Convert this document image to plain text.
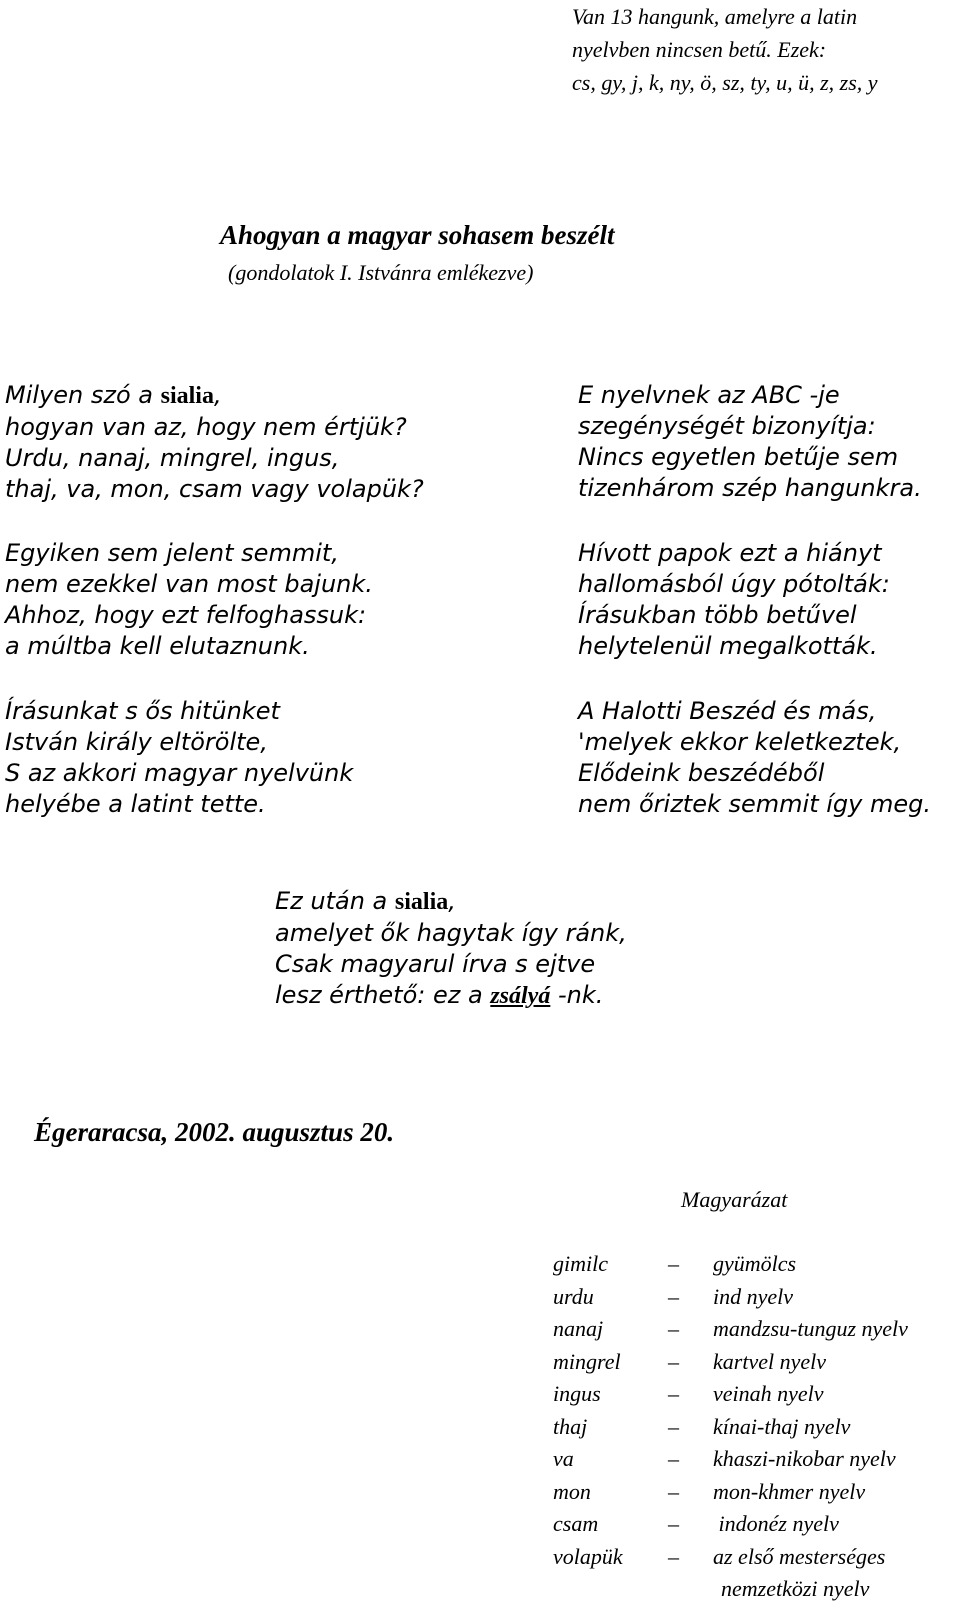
Van 13 hangunk, amelyre a latin
nyelvben nincsen betű. Ezek:
cs, gy, j, k, ny, ö, sz, ty, u, ü, z, zs, y
Ahogyan a magyar sohasem beszélt
(gondolatok I. Istvánra emlékezve)
Milyen szó a sialia,
hogyan van az, hogy nem értjük?
Urdu, nanaj, mingrel, ingus,
thaj, va, mon, csam vagy volapük?
Egyiken sem jelent semmit,
nem ezekkel van most bajunk.
Ahhoz, hogy ezt felfoghassuk:
a múltba kell elutaznunk.
Írásunkat s ős hitünket
István király eltörölte,
S az akkori magyar nyelvünk
helyébe a latint tette.
E nyelvnek az ABC -je
szegénységét bizonyítja:
Nincs egyetlen betűje sem
tizenhárom szép hangunkra.
Hívott papok ezt a hiányt
hallomásból úgy pótolták:
Írásukban több betűvel
helytelenül megalkották.
A Halotti Beszéd és más,
'melyek ekkor keletkeztek,
Elődeink beszédéből
nem őriztek semmit így meg.
Ez után a sialia,
amelyet ők hagytak így ránk,
Csak magyarul írva s ejtve
lesz érthető: ez a zsályá -nk.
Égeraracsa, 2002. augusztus 20.
Magyarázat
gimilc	– gyümölcs
urdu	– ind nyelv
nanaj	– mandzsu-tunguz nyelv
mingrel – kartvel nyelv
ingus	– veinah nyelv
thaj	– kínai-thaj nyelv
va	– khaszi-nikobar nyelv
mon	– mon-khmer nyelv
csam	– indonéz nyelv
volapük – az első mesterséges
nemzetközi nyelv
